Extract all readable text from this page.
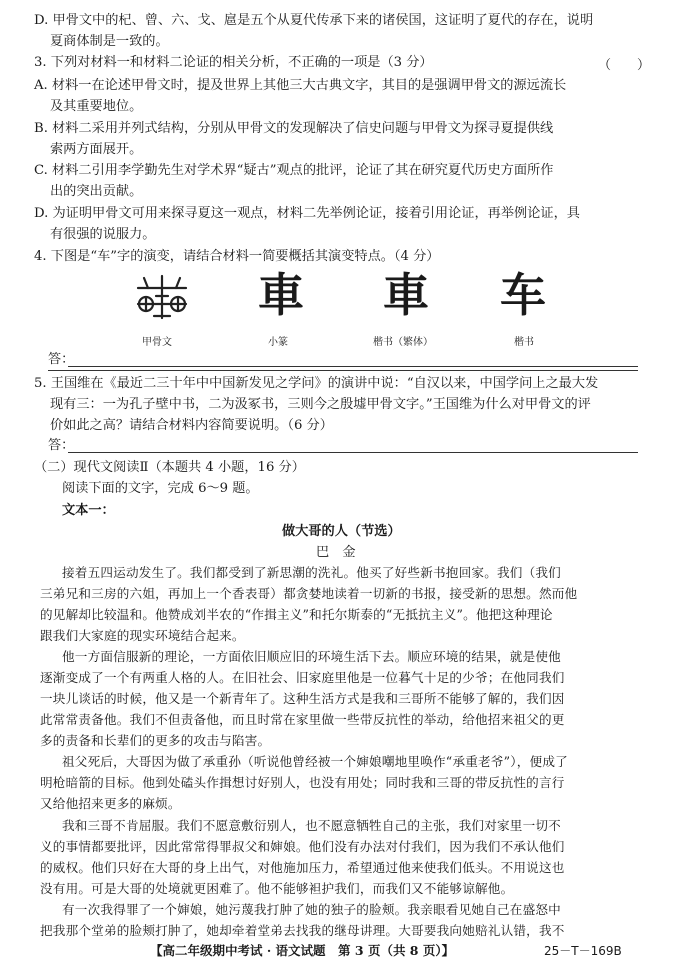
D. 甲骨文中的杞、曾、六、戈、扈是五个从夏代传承下来的诸侯国，这证明了夏代的存在，说明
夏商体制是一致的。
3. 下列对材料一和材料二论证的相关分析，不正确的一项是（3 分）	（　　）
A. 材料一在论述甲骨文时，提及世界上其他三大古典文字，其目的是强调甲骨文的源远流长
及其重要地位。
B. 材料二采用并列式结构，分别从甲骨文的发现解决了信史问题与甲骨文为探寻夏提供线
索两方面展开。
C. 材料二引用李学勤先生对学术界“疑古”观点的批评，论证了其在研究夏代历史方面所作
出的突出贡献。
D. 为证明甲骨文可用来探寻夏这一观点，材料二先举例论证，接着引用论证，再举例论证，具
有很强的说服力。
4. 下图是“车”字的演变，请结合材料一简要概括其演变特点。（4 分）
車 車 车
甲骨文	小篆	楷书（繁体）	楷书
答：
5. 王国维在《最近二三十年中中国新发见之学问》的演讲中说：“自汉以来，中国学问上之最大发
现有三：一为孔子壁中书，二为汲冢书，三则今之殷墟甲骨文字。”王国维为什么对甲骨文的评
价如此之高？请结合材料内容简要说明。（6 分）
答：
（二）现代文阅读Ⅱ（本题共 4 小题，16 分）
阅读下面的文字，完成 6～9 题。
文本一：
做大哥的人（节选）
巴　金
接着五四运动发生了。我们都受到了新思潮的洗礼。他买了好些新书抱回家。我们（我们
三弟兄和三房的六姐，再加上一个香表哥）都贪婪地读着一切新的书报，接受新的思想。然而他
的见解却比较温和。他赞成刘半农的“作揖主义”和托尔斯泰的“无抵抗主义”。他把这种理论
跟我们大家庭的现实环境结合起来。
他一方面信服新的理论，一方面依旧顺应旧的环境生活下去。顺应环境的结果，就是使他
逐渐变成了一个有两重人格的人。在旧社会、旧家庭里他是一位暮气十足的少爷；在他同我们
一块儿谈话的时候，他又是一个新青年了。这种生活方式是我和三哥所不能够了解的，我们因
此常常责备他。我们不但责备他，而且时常在家里做一些带反抗性的举动，给他招来祖父的更
多的责备和长辈们的更多的攻击与陷害。
祖父死后，大哥因为做了承重孙（听说他曾经被一个婶娘嘲地里唤作“承重老爷”），便成了
明枪暗箭的目标。他到处磕头作揖想讨好别人，也没有用处；同时我和三哥的带反抗性的言行
又给他招来更多的麻烦。
我和三哥不肯屈服。我们不愿意敷衍别人，也不愿意牺牲自己的主张，我们对家里一切不
义的事情都要批评，因此常常得罪叔父和婶娘。他们没有办法对付我们，因为我们不承认他们
的威权。他们只好在大哥的身上出气，对他施加压力，希望通过他来使我们低头。不用说这也
没有用。可是大哥的处境就更困难了。他不能够袒护我们，而我们又不能够谅解他。
有一次我得罪了一个婶娘，她污蔑我打肿了她的独子的脸颊。我亲眼看见她自己在盛怒中
把我那个堂弟的脸颊打肿了，她却牵着堂弟去找我的继母讲理。大哥要我向她赔礼认错，我不
【高二年级期中考试 · 语文试题　第 3 页（共 8 页）】	25－T－169B
